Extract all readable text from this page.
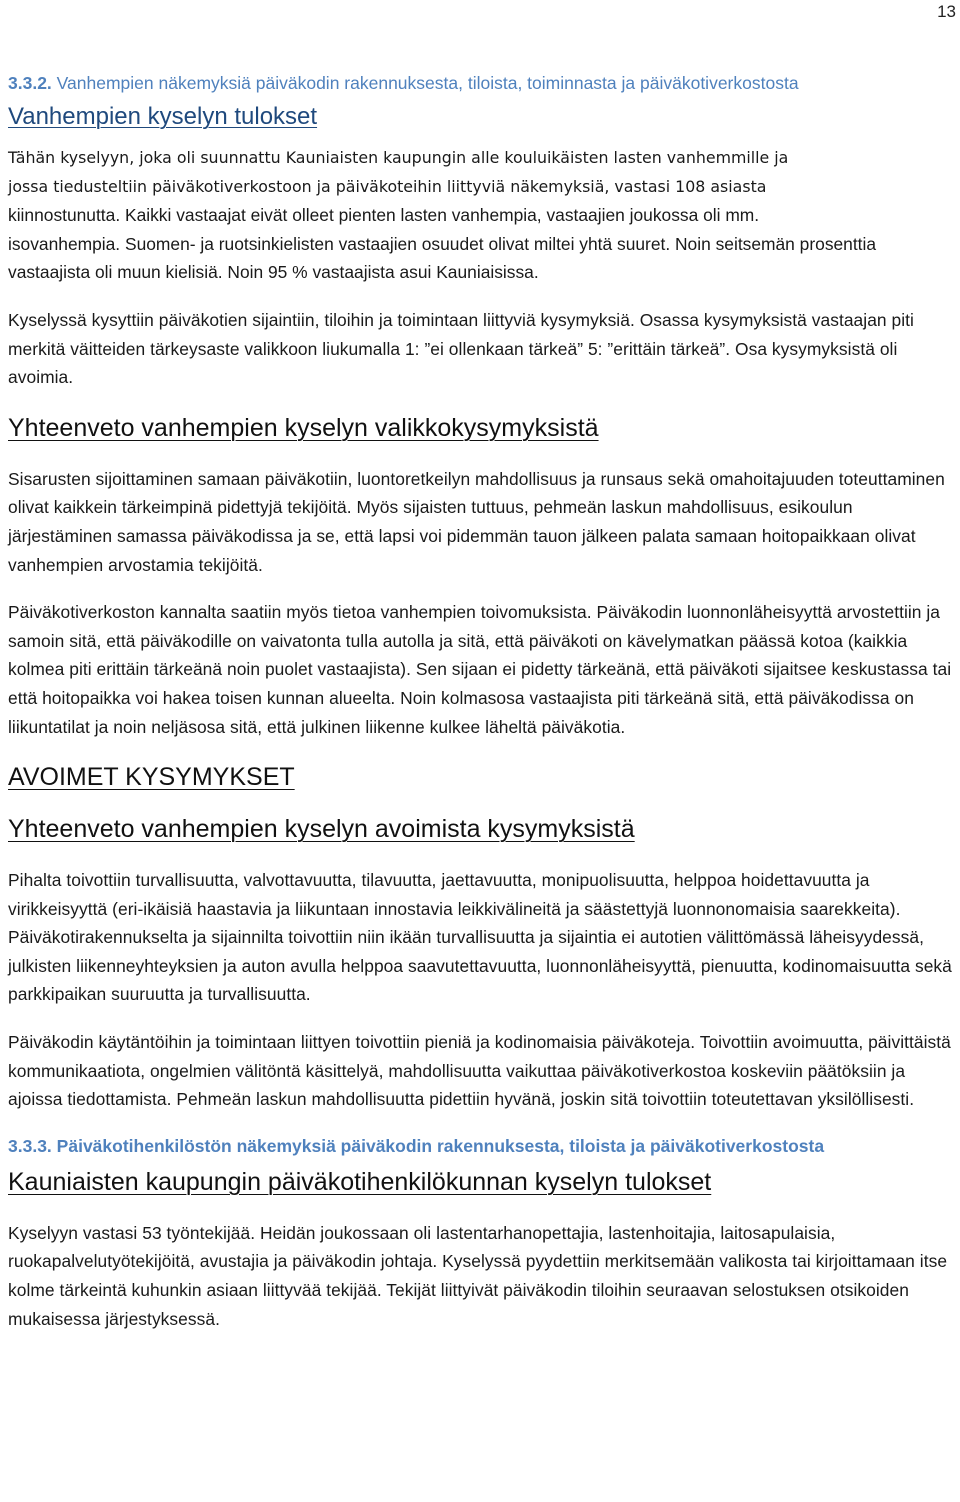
13
3.3.2. Vanhempien näkemyksiä päiväkodin rakennuksesta, tiloista, toiminnasta ja päiväkotiverkostosta
Vanhempien kyselyn tulokset
Tähän kyselyyn, joka oli suunnattu Kauniaisten kaupungin alle kouluikäisten lasten vanhemmille ja
jossa tiedusteltiin päiväkotiverkostoon ja päiväkoteihin liittyviä näkemyksiä, vastasi 108 asiasta
kiinnostunutta. Kaikki vastaajat eivät olleet pienten lasten vanhempia, vastaajien joukossa oli mm.
isovanhempia. Suomen- ja ruotsinkielisten vastaajien osuudet olivat miltei yhtä suuret. Noin seitsemän prosenttia vastaajista oli muun kielisiä. Noin 95 % vastaajista asui Kauniaisissa.

Kyselyssä kysyttiin päiväkotien sijaintiin, tiloihin ja toimintaan liittyviä kysymyksiä. Osassa kysymyksistä vastaajan piti merkitä väitteiden tärkeysaste valikkoon liukumalla 1: ”ei ollenkaan tärkeä” 5: ”erittäin tärkeä”. Osa kysymyksistä oli avoimia.

Yhteenveto vanhempien kyselyn valikkokysymyksistä

Sisarusten sijoittaminen samaan päiväkotiin, luontoretkeilyn mahdollisuus ja runsaus sekä omahoitajuuden toteuttaminen olivat kaikkein tärkeimpinä pidettyjä tekijöitä. Myös sijaisten tuttuus, pehmeän laskun mahdollisuus, esikoulun järjestäminen samassa päiväkodissa ja se, että lapsi voi pidemmän tauon jälkeen palata samaan hoitopaikkaan olivat vanhempien arvostamia tekijöitä.

Päiväkotiverkoston kannalta saatiin myös tietoa vanhempien toivomuksista. Päiväkodin luonnonläheisyyttä arvostettiin ja samoin sitä, että päiväkodille on vaivatonta tulla autolla ja sitä, että päiväkoti on kävelymatkan päässä kotoa (kaikkia kolmea piti erittäin tärkeänä noin puolet vastaajista). Sen sijaan ei pidetty tärkeänä, että päiväkoti sijaitsee keskustassa tai että hoitopaikka voi hakea toisen kunnan alueelta. Noin kolmasosa vastaajista piti tärkeänä sitä, että päiväkodissa on liikuntatilat ja noin neljäsosa sitä, että julkinen liikenne kulkee läheltä päiväkotia.

AVOIMET KYSYMYKSET
Yhteenveto vanhempien kyselyn avoimista kysymyksistä

Pihalta toivottiin turvallisuutta, valvottavuutta, tilavuutta, jaettavuutta, monipuolisuutta, helppoa hoidettavuutta ja virikkeisyyttä (eri-ikäisiä haastavia ja liikuntaan innostavia leikkivälineitä ja säästettyjä luonnonomaisia saarekkeita). Päiväkotirakennukselta ja sijainnilta toivottiin niin ikään turvallisuutta ja sijaintia ei autotien välittömässä läheisyydessä, julkisten liikenneyhteyksien ja auton avulla helppoa saavutettavuutta, luonnonläheisyyttä, pienuutta, kodinomaisuutta sekä parkkipaikan suuruutta ja turvallisuutta.

Päiväkodin käytäntöihin ja toimintaan liittyen toivottiin pieniä ja kodinomaisia päiväkoteja. Toivottiin avoimuutta, päivittäistä kommunikaatiota, ongelmien välitöntä käsittelyä, mahdollisuutta vaikuttaa päiväkotiverkostoa koskeviin päätöksiin ja ajoissa tiedottamista. Pehmeän laskun mahdollisuutta pidettiin hyvänä, joskin sitä toivottiin toteutettavan yksilöllisesti.

3.3.3. Päiväkotihenkilöstön näkemyksiä päiväkodin rakennuksesta, tiloista ja päiväkotiverkostosta
Kauniaisten kaupungin päiväkotihenkilökunnan kyselyn tulokset

Kyselyyn vastasi 53 työntekijää. Heidän joukossaan oli lastentarhanopettajia, lastenhoitajia, laitosapulaisia, ruokapalvelutyötekijöitä, avustajia ja päiväkodin johtaja. Kyselyssä pyydettiin merkitsemään valikosta tai kirjoittamaan itse kolme tärkeintä kuhunkin asiaan liittyvää tekijää. Tekijät liittyivät päiväkodin tiloihin seuraavan selostuksen otsikoiden mukaisessa järjestyksessä.
